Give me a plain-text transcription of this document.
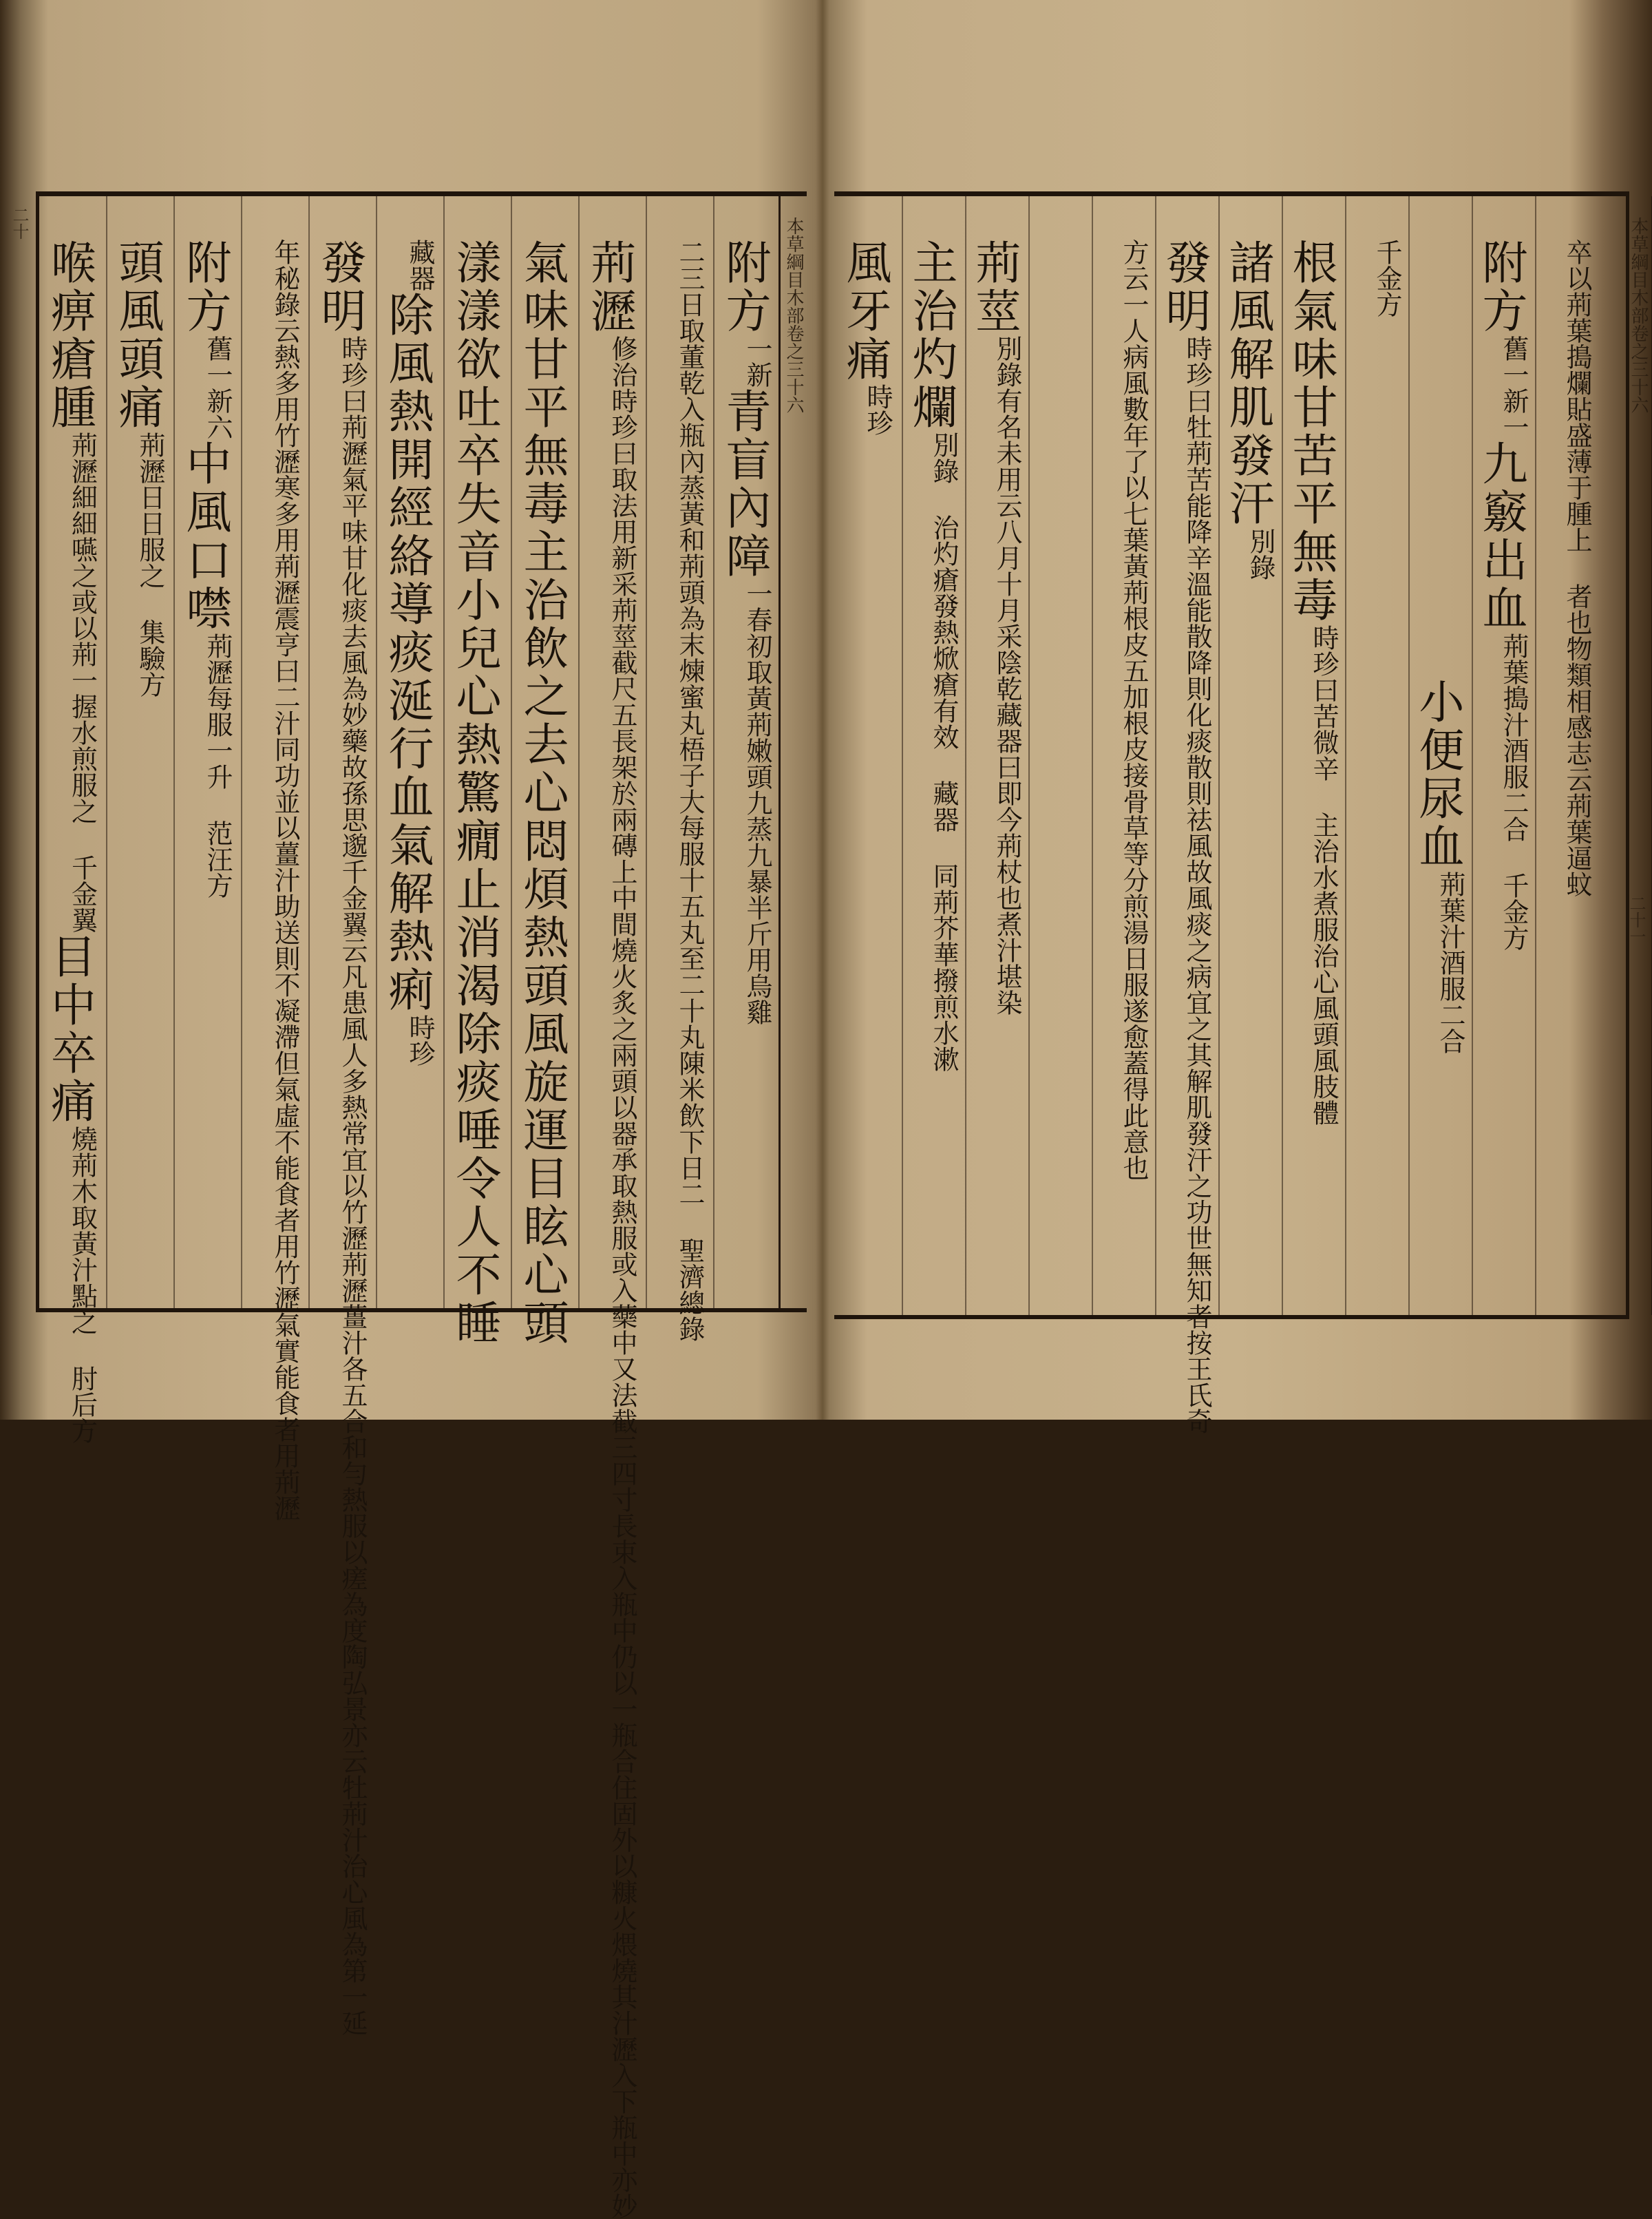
本草綱目木部卷之三十六
附方一新青盲內障一春初取黃荊嫩頭九蒸九暴半斤用烏雞
二三日取董乾入瓶內蒸黃和荊頭為末煉蜜丸梧子大每服十五丸至二十丸陳米飲下日二 聖濟總錄
荊瀝修治時珍曰取法用新采荊莖截尺五長架於兩磚上中間燒火炙之兩頭以器承取熱服或入藥中又法截三四寸長束入瓶中仍以一瓶合住固外以糠火煨燒其汁瀝入下瓶中亦妙
氣味甘平無毒主治飲之去心悶煩熱頭風旋運目眩心頭
漾漾欲吐卒失音小兒心熱驚癇止消渴除痰唾令人不睡
藏器除風熱開經絡導痰涎行血氣解熱痢時珍
發明時珍曰荊瀝氣平味甘化痰去風為妙藥故孫思邈千金翼云凡患風人多熱常宜以竹瀝荊瀝薑汁各五合和勻熱服以瘥為度陶弘景亦云牡荊汁治心風為第一延
年秘錄云熱多用竹瀝寒多用荊瀝震亨曰二汁同功並以薑汁助送則不凝滯但氣虛不能食者用竹瀝氣實能食者用荊瀝
附方舊一新六中風口噤荊瀝每服一升 范汪方
頭風頭痛荊瀝日日服之 集驗方
喉痹瘡腫荊瀝細細嚥之或以荊一握水煎服之 千金翼目中卒痛燒荊木取黃汁點之 肘后方
二十
卒以荊葉搗爛貼盛薄于腫上 者也物類相感志云荊葉逼蚊
附方舊一新一九竅出血荊葉搗汁酒服二合 千金方
小便尿血荊葉汁酒服二合
千金方
根氣味甘苦平無毒時珍曰苦微辛 主治水煮服治心風頭風肢體
諸風解肌發汗別錄
發明時珍曰牡荊苦能降辛溫能散降則化痰散則祛風故風痰之病宜之其解肌發汗之功世無知者按王氏奇
方云一人病風數年了以七葉黃荊根皮五加根皮接骨草等分煎湯日服遂愈蓋得此意也
荊莖別錄有名未用云八月十月采陰乾藏器曰即今荊杖也煮汁堪染
主治灼爛別錄 治灼瘡發熱焮瘡有效 藏器 同荊芥華撥煎水漱
風牙痛時珍	本草綱目木部卷之三十六
二十一
